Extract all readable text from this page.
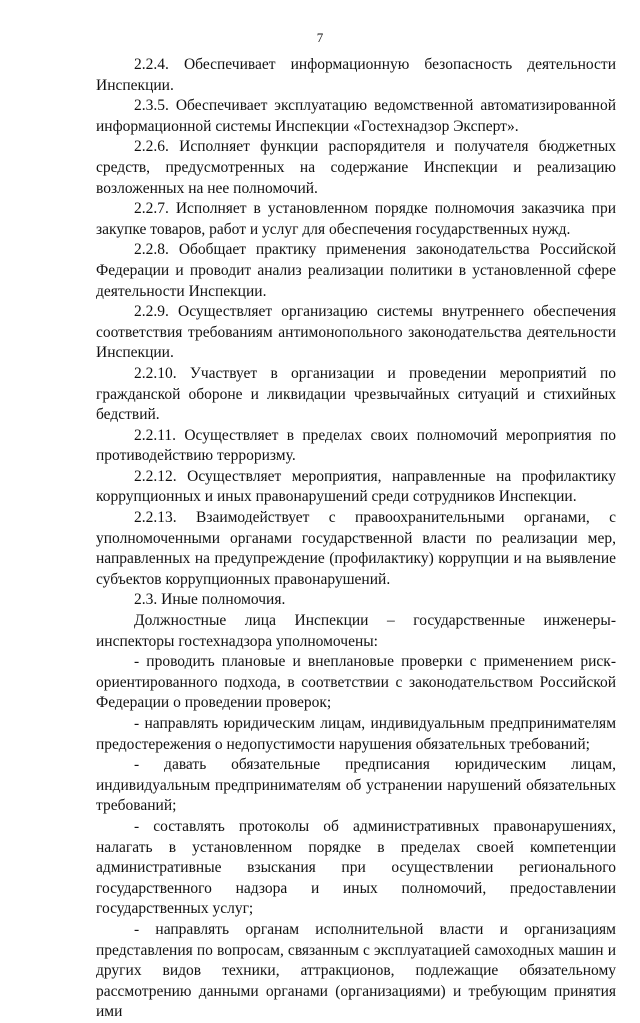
7

2.2.4. Обеспечивает информационную безопасность деятельности Инспекции.

2.3.5. Обеспечивает эксплуатацию ведомственной автоматизированной информационной системы Инспекции «Гостехнадзор Эксперт».

2.2.6. Исполняет функции распорядителя и получателя бюджетных средств, предусмотренных на содержание Инспекции и реализацию возложенных на нее полномочий.

2.2.7. Исполняет в установленном порядке полномочия заказчика при закупке товаров, работ и услуг для обеспечения государственных нужд.

2.2.8. Обобщает практику применения законодательства Российской Федерации и проводит анализ реализации политики в установленной сфере деятельности Инспекции.

2.2.9. Осуществляет организацию системы внутреннего обеспечения соответствия требованиям антимонопольного законодательства деятельности Инспекции.

2.2.10. Участвует в организации и проведении мероприятий по гражданской обороне и ликвидации чрезвычайных ситуаций и стихийных бедствий.

2.2.11. Осуществляет в пределах своих полномочий мероприятия по противодействию терроризму.

2.2.12. Осуществляет мероприятия, направленные на профилактику коррупционных и иных правонарушений среди сотрудников Инспекции.

2.2.13. Взаимодействует с правоохранительными органами, с уполномоченными органами государственной власти по реализации мер, направленных на предупреждение (профилактику) коррупции и на выявление субъектов коррупционных правонарушений.

2.3. Иные полномочия.

Должностные лица Инспекции – государственные инженеры-инспекторы гостехнадзора уполномочены:

- проводить плановые и внеплановые проверки с применением риск-ориентированного подхода, в соответствии с законодательством Российской Федерации о проведении проверок;

- направлять юридическим лицам, индивидуальным предпринимателям предостережения о недопустимости нарушения обязательных требований;

- давать обязательные предписания юридическим лицам, индивидуальным предпринимателям об устранении нарушений обязательных требований;

- составлять протоколы об административных правонарушениях, налагать в установленном порядке в пределах своей компетенции административные взыскания при осуществлении регионального государственного надзора и иных полномочий, предоставлении государственных услуг;

- направлять органам исполнительной власти и организациям представления по вопросам, связанным с эксплуатацией самоходных машин и других видов техники, аттракционов, подлежащие обязательному рассмотрению данными органами (организациями) и требующим принятия ими
